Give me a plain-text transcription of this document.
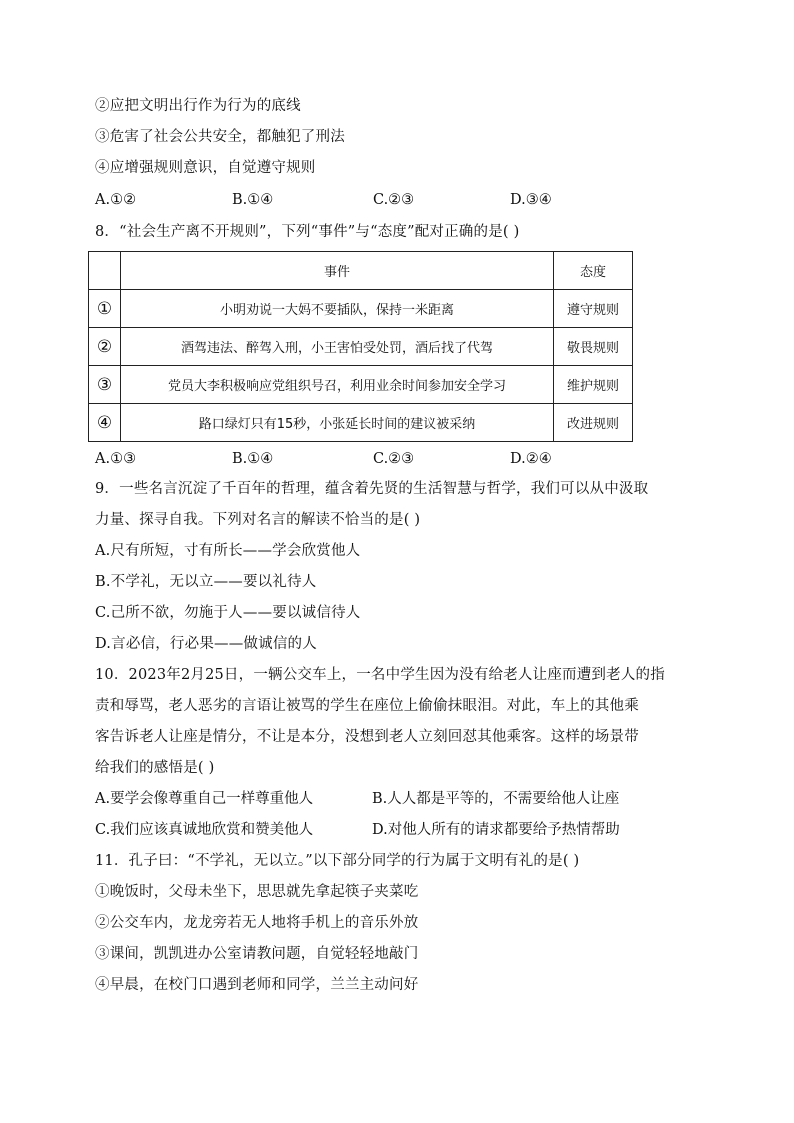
②应把文明出行作为行为的底线
③危害了社会公共安全，都触犯了刑法
④应增强规则意识，自觉遵守规则
A.①②	B.①④	C.②③	D.③④
8．“社会生产离不开规则”，下列“事件”与“态度”配对正确的是( )
	事件	态度
①	小明劝说一大妈不要插队，保持一米距离	遵守规则
②	酒驾违法、醉驾入刑，小王害怕受处罚，酒后找了代驾	敬畏规则
③	党员大李积极响应党组织号召，利用业余时间参加安全学习	维护规则
④	路口绿灯只有15秒，小张延长时间的建议被采纳	改进规则
A.①③	B.①④	C.②③	D.②④
9．一些名言沉淀了千百年的哲理，蕴含着先贤的生活智慧与哲学，我们可以从中汲取
力量、探寻自我。下列对名言的解读不恰当的是( )
A.尺有所短，寸有所长——学会欣赏他人
B.不学礼，无以立——要以礼待人
C.己所不欲，勿施于人——要以诚信待人
D.言必信，行必果——做诚信的人
10．2023年2月25日，一辆公交车上，一名中学生因为没有给老人让座而遭到老人的指
责和辱骂，老人恶劣的言语让被骂的学生在座位上偷偷抹眼泪。对此，车上的其他乘
客告诉老人让座是情分，不让是本分，没想到老人立刻回怼其他乘客。这样的场景带
给我们的感悟是( )
A.要学会像尊重自己一样尊重他人	B.人人都是平等的，不需要给他人让座
C.我们应该真诚地欣赏和赞美他人	D.对他人所有的请求都要给予热情帮助
11．孔子曰：“不学礼，无以立。”以下部分同学的行为属于文明有礼的是( )
①晚饭时，父母未坐下，思思就先拿起筷子夹菜吃
②公交车内，龙龙旁若无人地将手机上的音乐外放
③课间，凯凯进办公室请教问题，自觉轻轻地敲门
④早晨，在校门口遇到老师和同学，兰兰主动问好
